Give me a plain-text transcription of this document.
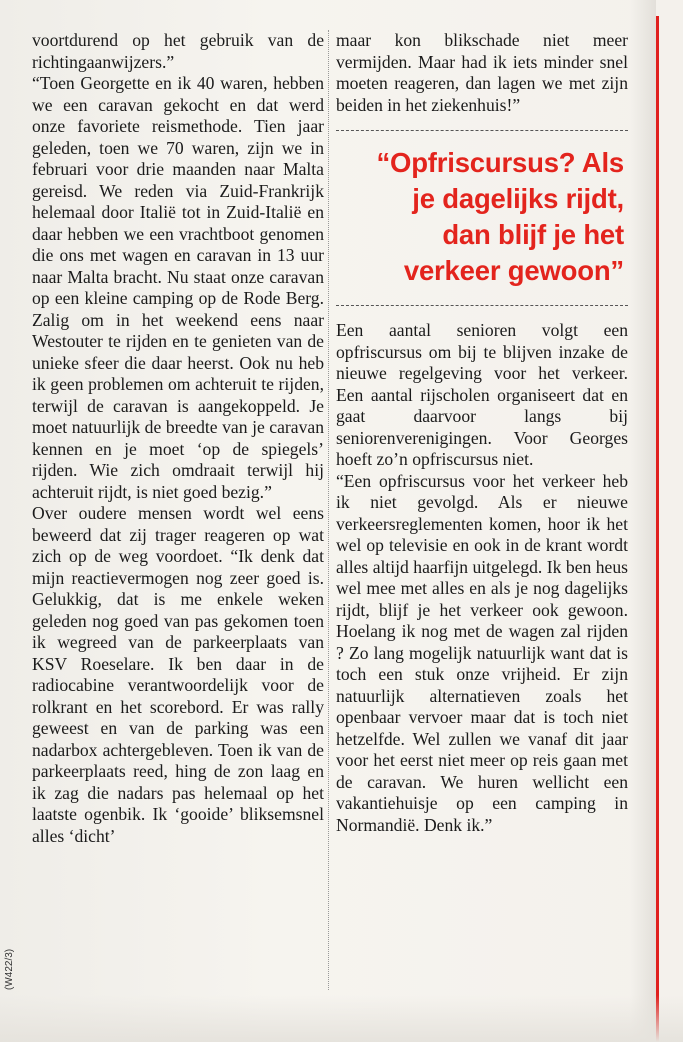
voortdurend op het gebruik van de richtingaanwijzers.”

“Toen Georgette en ik 40 waren, hebben we een caravan gekocht en dat werd onze favoriete reismethode. Tien jaar geleden, toen we 70 waren, zijn we in februari voor drie maanden naar Malta gereisd. We reden via Zuid-Frankrijk helemaal door Italië tot in Zuid-Italië en daar hebben we een vrachtboot genomen die ons met wagen en caravan in 13 uur naar Malta bracht. Nu staat onze caravan op een kleine camping op de Rode Berg. Zalig om in het weekend eens naar Westouter te rijden en te genieten van de unieke sfeer die daar heerst. Ook nu heb ik geen problemen om achteruit te rijden, terwijl de caravan is aangekoppeld. Je moet natuurlijk de breedte van je caravan kennen en je moet ‘op de spiegels’ rijden. Wie zich omdraait terwijl hij achteruit rijdt, is niet goed bezig.”

Over oudere mensen wordt wel eens beweerd dat zij trager reageren op wat zich op de weg voordoet. “Ik denk dat mijn reactievermogen nog zeer goed is. Gelukkig, dat is me enkele weken geleden nog goed van pas gekomen toen ik wegreed van de parkeerplaats van KSV Roeselare. Ik ben daar in de radiocabine verantwoordelijk voor de rolkrant en het scorebord. Er was rally geweest en van de parking was een nadarbox achtergebleven. Toen ik van de parkeerplaats reed, hing de zon laag en ik zag die nadars pas helemaal op het laatste ogenbik. Ik ‘gooide’ bliksemsnel alles ‘dicht’

maar kon blikschade niet meer vermijden. Maar had ik iets minder snel moeten reageren, dan lagen we met zijn beiden in het ziekenhuis!”

“Opfriscursus? Als
je dagelijks rijdt,
dan blijf je het
verkeer gewoon”

Een aantal senioren volgt een opfriscursus om bij te blijven inzake de nieuwe regelgeving voor het verkeer. Een aantal rijscholen organiseert dat en gaat daarvoor langs bij seniorenverenigingen. Voor Georges hoeft zo’n opfriscursus niet.

“Een opfriscursus voor het verkeer heb ik niet gevolgd. Als er nieuwe verkeersreglementen komen, hoor ik het wel op televisie en ook in de krant wordt alles altijd haarfijn uitgelegd. Ik ben heus wel mee met alles en als je nog dagelijks rijdt, blijf je het verkeer ook gewoon. Hoelang ik nog met de wagen zal rijden ? Zo lang mogelijk natuurlijk want dat is toch een stuk onze vrijheid. Er zijn natuurlijk alternatieven zoals het openbaar vervoer maar dat is toch niet hetzelfde. Wel zullen we vanaf dit jaar voor het eerst niet meer op reis gaan met de caravan. We huren wellicht een vakantiehuisje op een camping in Normandië. Denk ik.”

(W422/3)
